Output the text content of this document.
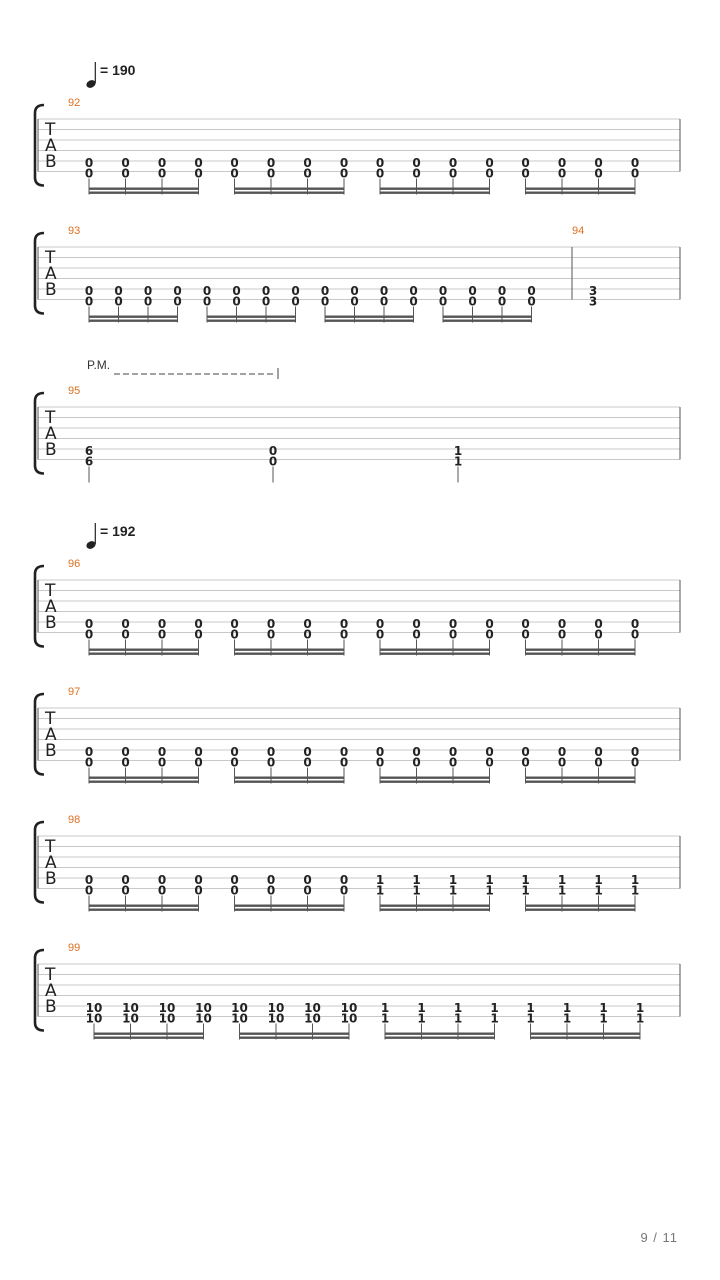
= 190
T
A
B
92
0
0
0
0
0
0
0
0
0
0
0
0
0
0
0
0
0
0
0
0
0
0
0
0
0
0
0
0
0
0
0
0
T
A
B
93
0
0
0
0
0
0
0
0
0
0
0
0
0
0
0
0
0
0
0
0
0
0
0
0
0
0
0
0
0
0
0
0
94
3
3
P.M.
T
A
B
95
6
6
0
0
1
1
= 192
T
A
B
96
0
0
0
0
0
0
0
0
0
0
0
0
0
0
0
0
0
0
0
0
0
0
0
0
0
0
0
0
0
0
0
0
T
A
B
97
0
0
0
0
0
0
0
0
0
0
0
0
0
0
0
0
0
0
0
0
0
0
0
0
0
0
0
0
0
0
0
0
T
A
B
98
0
0
0
0
0
0
0
0
0
0
0
0
0
0
0
0
1
1
1
1
1
1
1
1
1
1
1
1
1
1
1
1
T
A
B
99
10
10
10
10
10
10
10
10
10
10
10
10
10
10
10
10
1
1
1
1
1
1
1
1
1
1
1
1
1
1
1
1
9 / 11
